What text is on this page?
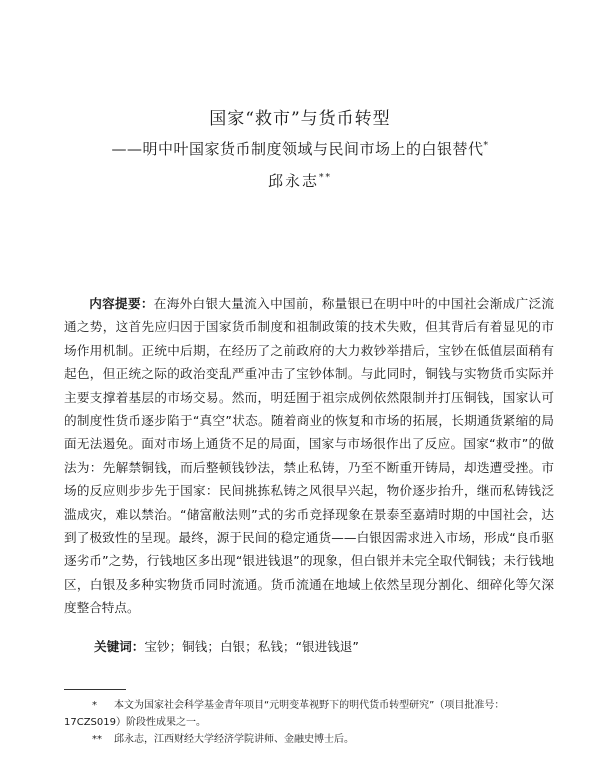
国家“救市”与货币转型
——明中叶国家货币制度领域与民间市场上的白银替代*
邱永志**
内容提要：在海外白银大量流入中国前，称量银已在明中叶的中国社会渐成广泛流通之势，这首先应归因于国家货币制度和祖制政策的技术失败，但其背后有着显见的市场作用机制。正统中后期，在经历了之前政府的大力救钞举措后，宝钞在低值层面稍有起色，但正统之际的政治变乱严重冲击了宝钞体制。与此同时，铜钱与实物货币实际并主要支撑着基层的市场交易。然而，明廷囿于祖宗成例依然限制并打压铜钱，国家认可的制度性货币逐步陷于“真空”状态。随着商业的恢复和市场的拓展，长期通货紧缩的局面无法遏免。面对市场上通货不足的局面，国家与市场很作出了反应。国家“救市”的做法为：先解禁铜钱，而后整顿钱钞法，禁止私铸，乃至不断重开铸局，却迭遭受挫。市场的反应则步步先于国家：民间挑拣私铸之风很早兴起，物价逐步抬升，继而私铸钱泛滥成灾，难以禁治。“储富敝法则”式的劣币竞择现象在景泰至嘉靖时期的中国社会，达到了极致性的呈现。最终，源于民间的稳定通货——白银因需求进入市场，形成“良币驱逐劣币”之势，行钱地区多出现“银进钱退”的现象，但白银并未完全取代铜钱；未行钱地区，白银及多种实物货币同时流通。货币流通在地域上依然呈现分割化、细碎化等欠深度整合特点。
关键词：宝钞；铜钱；白银；私钱；“银进钱退”

* 本文为国家社会科学基金青年项目“元明变革视野下的明代货币转型研究”（项目批准号：17CZS019）阶段性成果之一。

** 邱永志，江西财经大学经济学院讲师、金融史博士后。
